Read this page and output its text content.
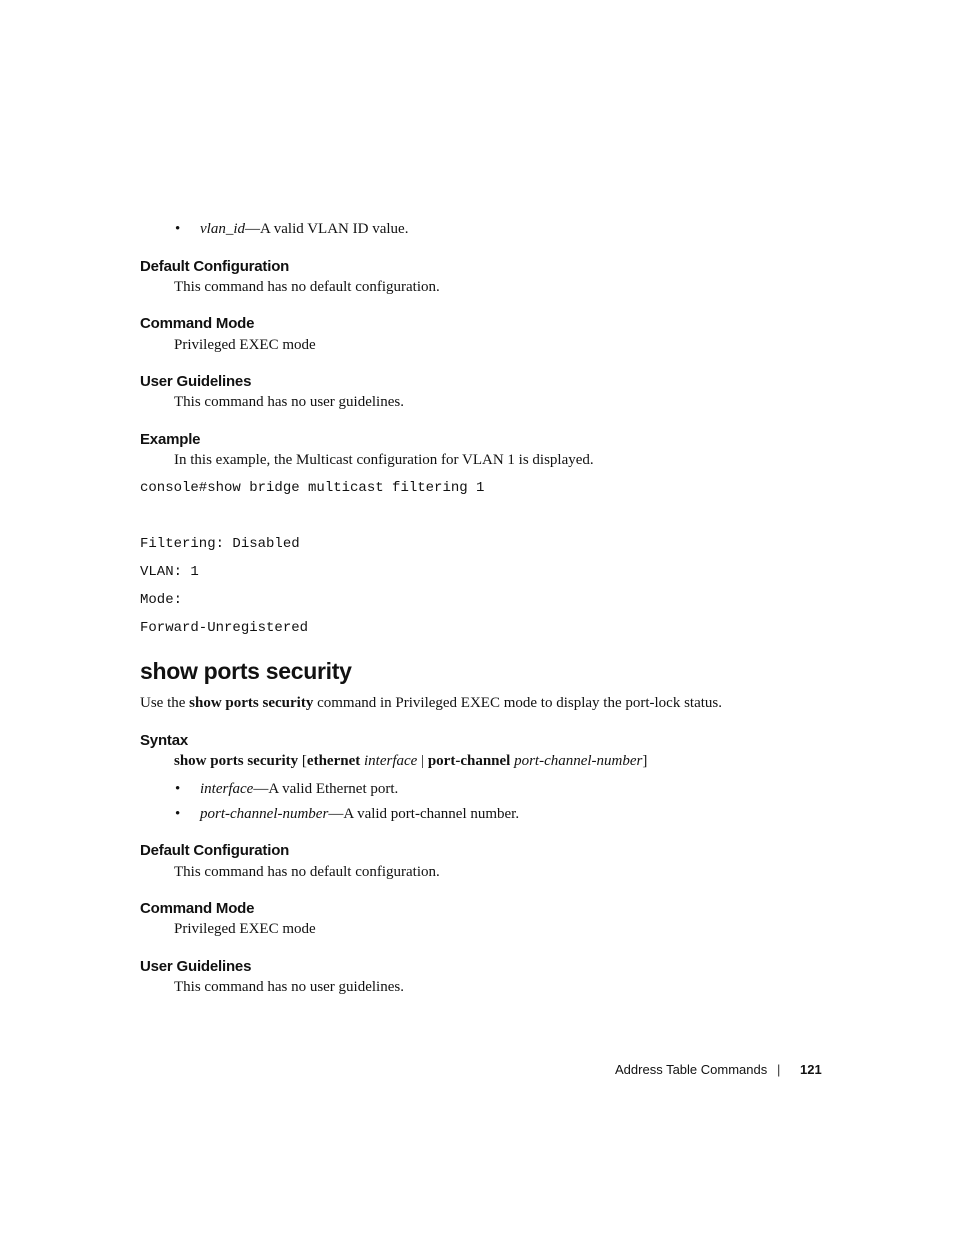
• vlan_id—A valid VLAN ID value.
Default Configuration
This command has no default configuration.
Command Mode
Privileged EXEC mode
User Guidelines
This command has no user guidelines.
Example
In this example, the Multicast configuration for VLAN 1 is displayed.
console#show bridge multicast filtering 1
Filtering: Disabled
VLAN: 1
Mode:
Forward-Unregistered
show ports security
Use the show ports security command in Privileged EXEC mode to display the port-lock status.
Syntax
show ports security [ethernet interface | port-channel port-channel-number]
• interface—A valid Ethernet port.
• port-channel-number—A valid port-channel number.
Default Configuration
This command has no default configuration.
Command Mode
Privileged EXEC mode
User Guidelines
This command has no user guidelines.
Address Table Commands | 121
